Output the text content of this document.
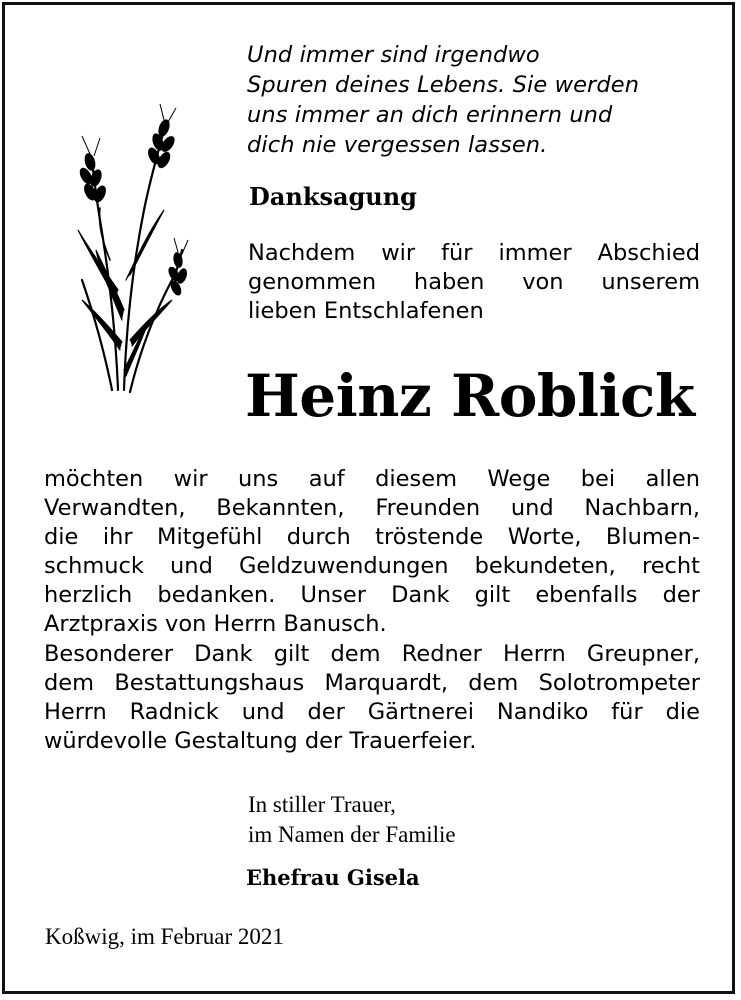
Und immer sind irgendwo
Spuren deines Lebens. Sie werden
uns immer an dich erinnern und
dich nie vergessen lassen.
Danksagung
Nachdem wir für immer Abschied
genommen haben von unserem
lieben Entschlafenen
Heinz Roblick
möchten wir uns auf diesem Wege bei allen
Verwandten, Bekannten, Freunden und Nachbarn,
die ihr Mitgefühl durch tröstende Worte, Blumen-
schmuck und Geldzuwendungen bekundeten, recht
herzlich bedanken. Unser Dank gilt ebenfalls der
Arztpraxis von Herrn Banusch.
Besonderer Dank gilt dem Redner Herrn Greupner,
dem Bestattungshaus Marquardt, dem Solotrompeter
Herrn Radnick und der Gärtnerei Nandiko für die
würdevolle Gestaltung der Trauerfeier.
In stiller Trauer,
im Namen der Familie
Ehefrau Gisela
Koßwig, im Februar 2021
